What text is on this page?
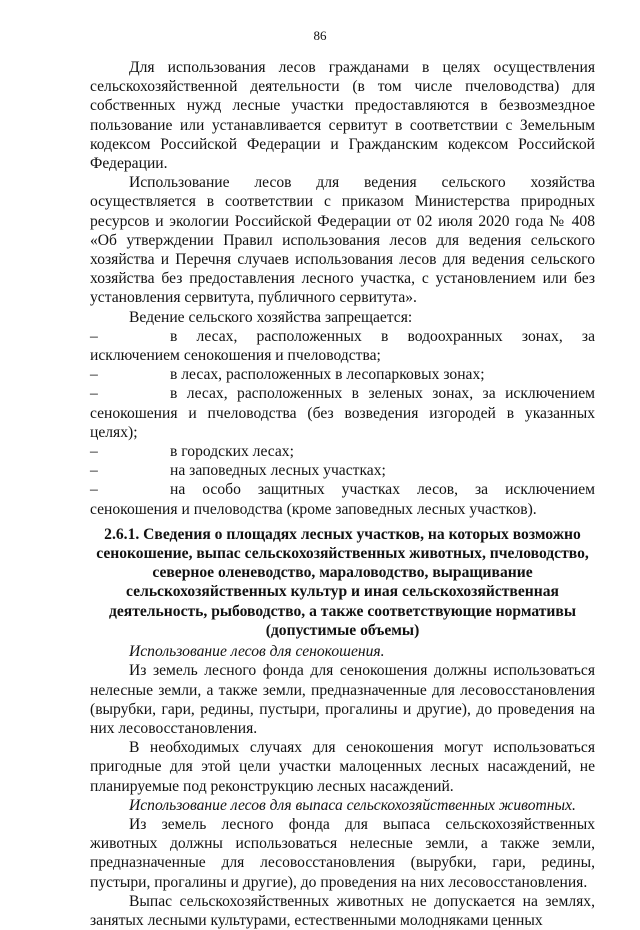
86

Для использования лесов гражданами в целях осуществления сельскохозяйственной деятельности (в том числе пчеловодства) для собственных нужд лесные участки предоставляются в безвозмездное пользование или устанавливается сервитут в соответствии с Земельным кодексом Российской Федерации и Гражданским кодексом Российской Федерации.

Использование лесов для ведения сельского хозяйства осуществляется в соответствии с приказом Министерства природных ресурсов и экологии Российской Федерации от 02 июля 2020 года № 408 «Об утверждении Правил использования лесов для ведения сельского хозяйства и Перечня случаев использования лесов для ведения сельского хозяйства без предоставления лесного участка, с установлением или без установления сервитута, публичного сервитута».

Ведение сельского хозяйства запрещается:

–	в лесах, расположенных в водоохранных зонах, за исключением сенокошения и пчеловодства;

–	в лесах, расположенных в лесопарковых зонах;

–	в лесах, расположенных в зеленых зонах, за исключением сенокошения и пчеловодства (без возведения изгородей в указанных целях);

–	в городских лесах;

–	на заповедных лесных участках;

–	на особо защитных участках лесов, за исключением сенокошения и пчеловодства (кроме заповедных лесных участков).

2.6.1. Сведения о площадях лесных участков, на которых возможно сенокошение, выпас сельскохозяйственных животных, пчеловодство, северное оленеводство, мараловодство, выращивание сельскохозяйственных культур и иная сельскохозяйственная деятельность, рыбоводство, а также соответствующие нормативы (допустимые объемы)

Использование лесов для сенокошения.

Из земель лесного фонда для сенокошения должны использоваться нелесные земли, а также земли, предназначенные для лесовосстановления (вырубки, гари, редины, пустыри, прогалины и другие), до проведения на них лесовосстановления.

В необходимых случаях для сенокошения могут использоваться пригодные для этой цели участки малоценных лесных насаждений, не планируемые под реконструкцию лесных насаждений.

Использование лесов для выпаса сельскохозяйственных животных.

Из земель лесного фонда для выпаса сельскохозяйственных животных должны использоваться нелесные земли, а также земли, предназначенные для лесовосстановления (вырубки, гари, редины, пустыри, прогалины и другие), до проведения на них лесовосстановления.

Выпас сельскохозяйственных животных не допускается на землях, занятых лесными культурами, естественными молодняками ценных
